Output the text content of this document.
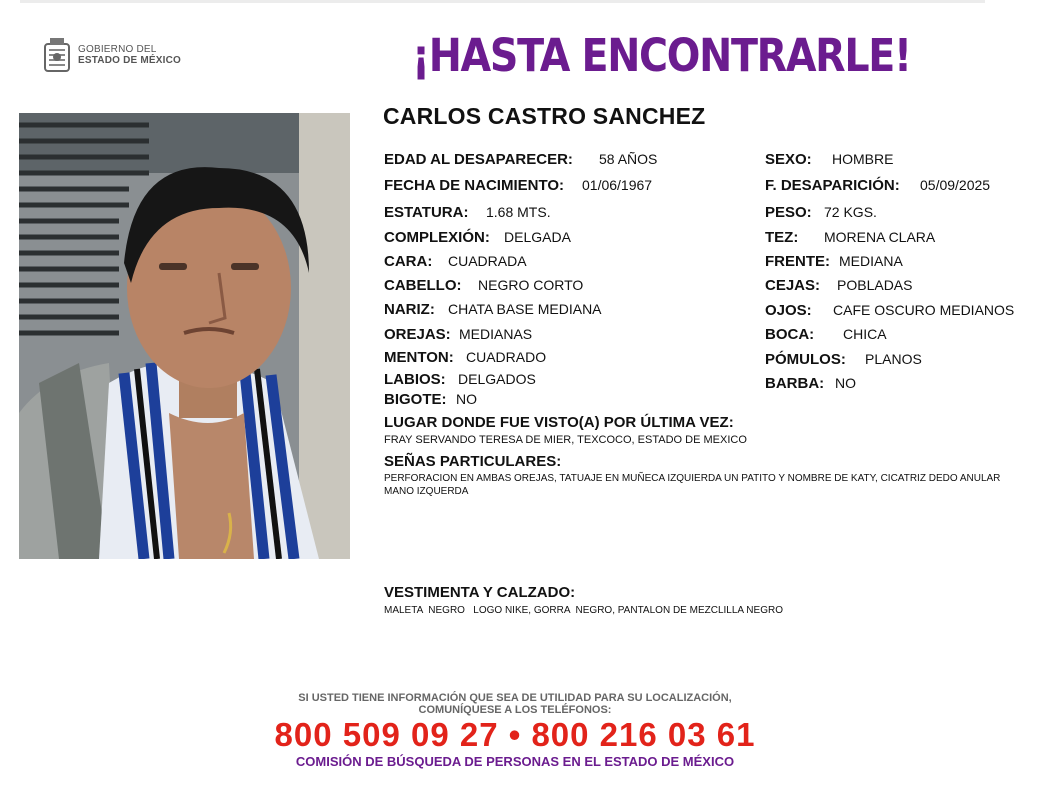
GOBIERNO DEL
ESTADO DE MÉXICO	¡HASTA ENCONTRARLE!
CARLOS CASTRO SANCHEZ
EDAD AL DESAPARECER: 58 AÑOS
FECHA DE NACIMIENTO: 01/06/1967
ESTATURA: 1.68 MTS.
COMPLEXIÓN: DELGADA
CARA: CUADRADA
CABELLO: NEGRO CORTO
NARIZ: CHATA BASE MEDIANA
OREJAS: MEDIANAS
MENTON: CUADRADO
LABIOS: DELGADOS
BIGOTE: NO
SEXO: HOMBRE
F. DESAPARICIÓN: 05/09/2025
PESO: 72 KGS.
TEZ: MORENA CLARA
FRENTE: MEDIANA
CEJAS: POBLADAS
OJOS: CAFE OSCURO MEDIANOS
BOCA: CHICA
PÓMULOS: PLANOS
BARBA: NO
LUGAR DONDE FUE VISTO(A) POR ÚLTIMA VEZ:
FRAY SERVANDO TERESA DE MIER, TEXCOCO, ESTADO DE MEXICO
SEÑAS PARTICULARES:
PERFORACION EN AMBAS OREJAS, TATUAJE EN MUÑECA IZQUIERDA UN PATITO Y NOMBRE DE KATY, CICATRIZ DEDO ANULAR MANO IZQUERDA
VESTIMENTA Y CALZADO:
MALETA  NEGRO   LOGO NIKE, GORRA  NEGRO, PANTALON DE MEZCLILLA NEGRO
SI USTED TIENE INFORMACIÓN QUE SEA DE UTILIDAD PARA SU LOCALIZACIÓN,
COMUNÍQUESE A LOS TELÉFONOS:
800 509 09 27 • 800 216 03 61
COMISIÓN DE BÚSQUEDA DE PERSONAS EN EL ESTADO DE MÉXICO
